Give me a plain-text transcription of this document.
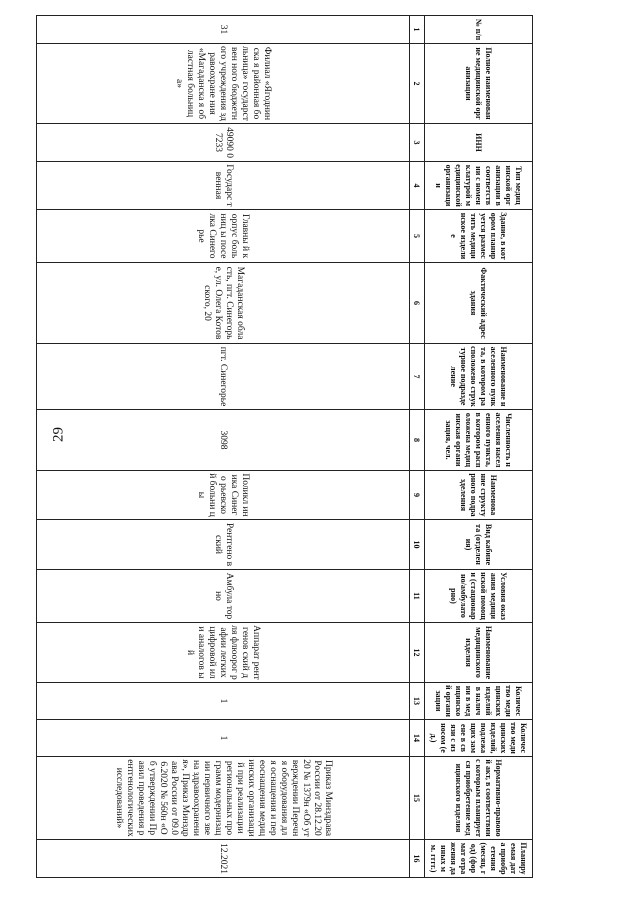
29
№ п/п	Полное наименование медицинской организации	ИНН	Тип медицинской организации в соответствии с номенклатурой медицинской организации	Здание, в котором планируется разместить медицинское изделие	Фактический адрес здания	Наименование населенного пункта, в котором расположено структурное подразделение	Численность населения населенного пункта, в котором расположена медицинская организация, чел.	Наименование структурного подразделения	Вид кабинета (отделения)	Условия оказания медицинской помощи (стационарно/амбулаторно)	Наименование медицинского изделия	Количество медицинских изделий в наличии в медицинской организации	Количество медицинских изделий, подлежащих замене в связи с износом (ед.)	Нормативно-правовой акт, в соответствии с которым планируется приобретение медицинского изделия	Планируемая дата приобретения (месяц, год) (формат отражения данных мм. гггг.)
1	2	3	4	5	6	7	8	9	10	11	12	13	14	15	16
31	Филиал «Ягоднинска я районная больница» государствен ного бюджетного учреждения здравоохране ния «Магаданска я областная больница»	49090 07233	Государс твенная	Главны й корпус больниц ы поселка Синего рье	Магаданская область, пгт. Синегорье, ул. Олега Котовского, 20	пгт. Синегорье	3098	Поликл иника Синего рьевско й больни цы	Рентгено вский	Амбула торно	Аппарат рентгенов ский для флюорог рафии легких цифровой или аналогов ый	1	1	Приказ Минздрава России от 28.12.2020 № 1379н «Об утверждении Перечня оборудования для оснащения и переоснащения медицинских организаций при реализации региональных программ модернизации первичного звена здравоохранения», Приказ Минздрава России от 09.06.2020 № 560н «Об утверждении Правил проведения рентгенологических исследований»	12.2021
